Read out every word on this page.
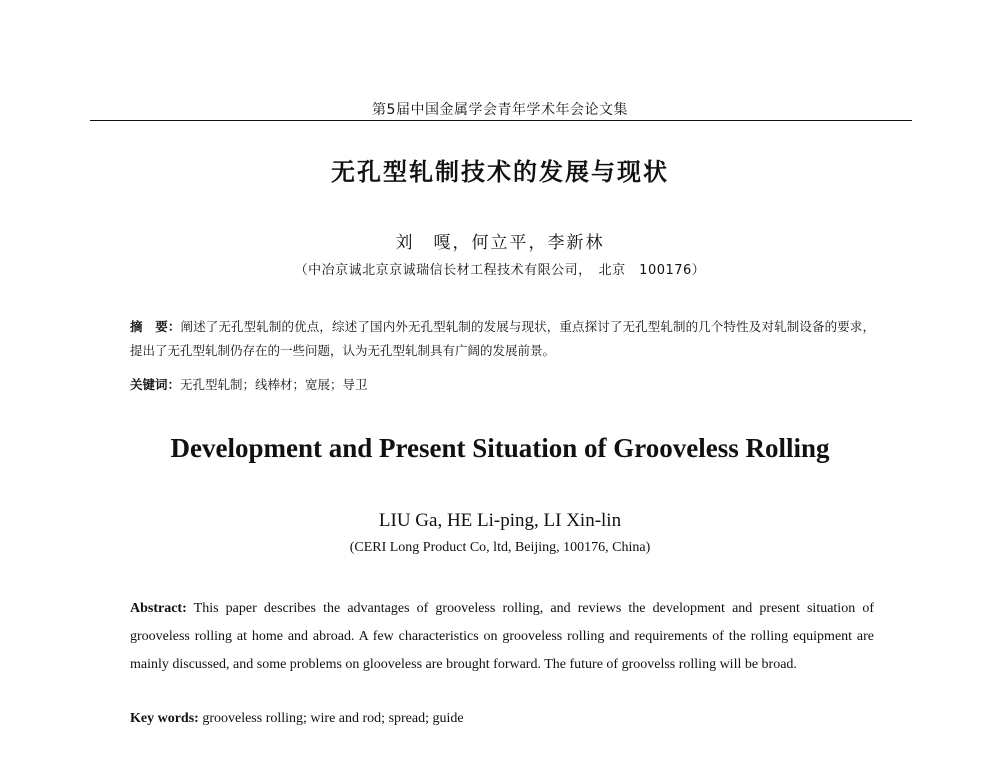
第5届中国金属学会青年学术年会论文集
无孔型轧制技术的发展与现状
刘　嘎，何立平，李新林
（中冶京诚北京京诚瑞信长材工程技术有限公司，　北京　100176）
摘　要：阐述了无孔型轧制的优点，综述了国内外无孔型轧制的发展与现状，重点探讨了无孔型轧制的几个特性及对轧制设备的要求，提出了无孔型轧制仍存在的一些问题，认为无孔型轧制具有广阔的发展前景。
关键词：无孔型轧制；线棒材；宽展；导卫
Development and Present Situation of Grooveless Rolling
LIU Ga, HE Li-ping, LI Xin-lin
(CERI Long Product Co, ltd, Beijing, 100176, China)
Abstract: This paper describes the advantages of grooveless rolling, and reviews the development and present situation of grooveless rolling at home and abroad. A few characteristics on grooveless rolling and requirements of the rolling equipment are mainly discussed, and some problems on glooveless are brought forward. The future of groovelss rolling will be broad.
Key words: grooveless rolling; wire and rod; spread; guide
